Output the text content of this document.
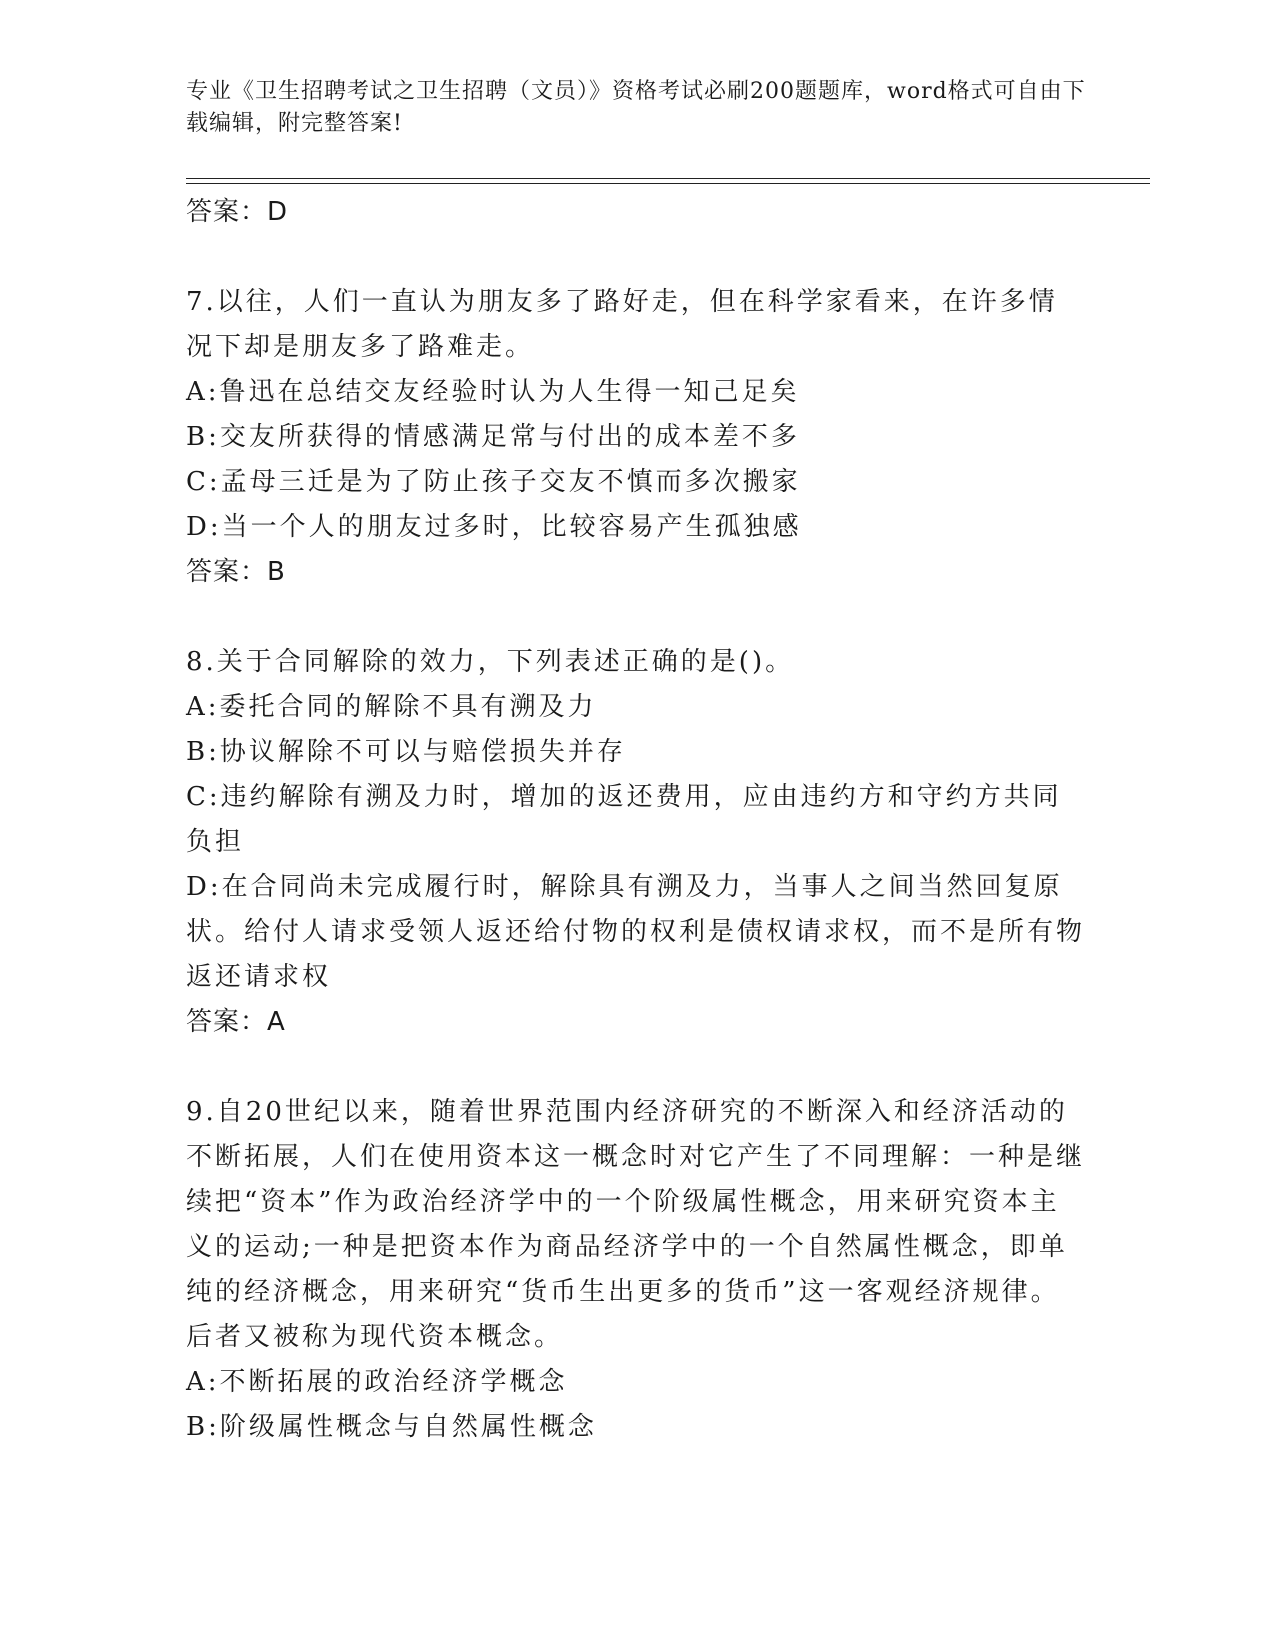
专业《卫生招聘考试之卫生招聘（文员）》资格考试必刷200题题库，word格式可自由下载编辑，附完整答案!

答案：D

7.以往，人们一直认为朋友多了路好走，但在科学家看来，在许多情况下却是朋友多了路难走。

A:鲁迅在总结交友经验时认为人生得一知己足矣

B:交友所获得的情感满足常与付出的成本差不多

C:孟母三迁是为了防止孩子交友不慎而多次搬家

D:当一个人的朋友过多时，比较容易产生孤独感

答案：B

8.关于合同解除的效力，下列表述正确的是()。

A:委托合同的解除不具有溯及力

B:协议解除不可以与赔偿损失并存

C:违约解除有溯及力时，增加的返还费用，应由违约方和守约方共同负担

D:在合同尚未完成履行时，解除具有溯及力，当事人之间当然回复原状。给付人请求受领人返还给付物的权利是债权请求权，而不是所有物返还请求权

答案：A

9.自20世纪以来，随着世界范围内经济研究的不断深入和经济活动的不断拓展，人们在使用资本这一概念时对它产生了不同理解：一种是继续把“资本”作为政治经济学中的一个阶级属性概念，用来研究资本主义的运动;一种是把资本作为商品经济学中的一个自然属性概念，即单纯的经济概念，用来研究“货币生出更多的货币”这一客观经济规律。后者又被称为现代资本概念。

A:不断拓展的政治经济学概念

B:阶级属性概念与自然属性概念
